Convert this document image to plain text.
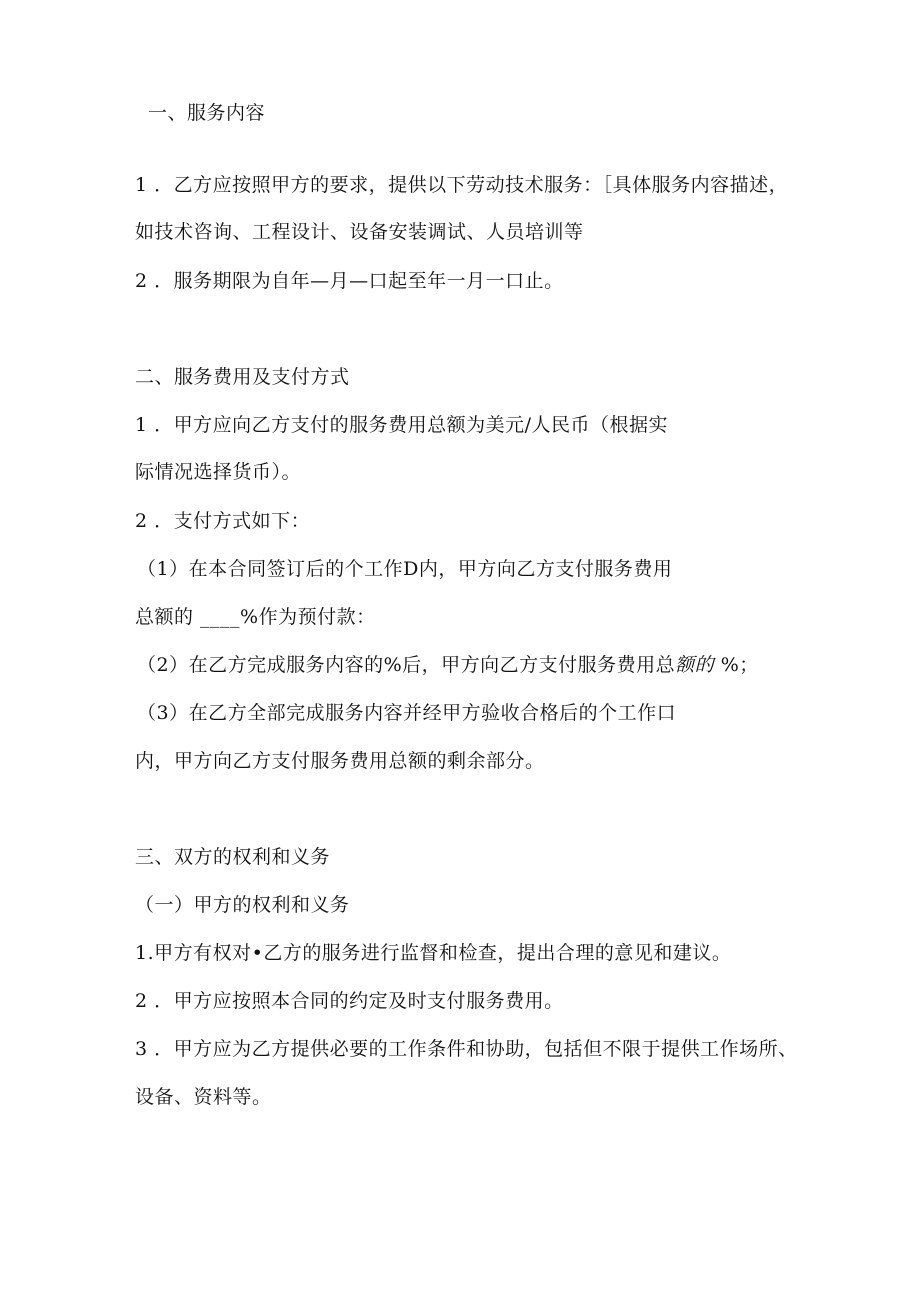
一、服务内容
1 ．乙方应按照甲方的要求，提供以下劳动技术服务：［具体服务内容描述，
如技术咨询、工程设计、设备安装调试、人员培训等
2 ．服务期限为自年—月—口起至年一月一口止。
二、服务费用及支付方式
1 ．甲方应向乙方支付的服务费用总额为美元/人民币（根据实
际情况选择货币）。
2 ．支付方式如下：
（1）在本合同签订后的个工作D内，甲方向乙方支付服务费用
总额的 ____%作为预付款：
（2）在乙方完成服务内容的%后，甲方向乙方支付服务费用总额的 %；
（3）在乙方全部完成服务内容并经甲方验收合格后的个工作口
内，甲方向乙方支付服务费用总额的剩余部分。
三、双方的权利和义务
（一）甲方的权利和义务
1.甲方有权对•乙方的服务进行监督和检查，提出合理的意见和建议。
2 ．甲方应按照本合同的约定及时支付服务费用。
3 ．甲方应为乙方提供必要的工作条件和协助，包括但不限于提供工作场所、
设备、资料等。
